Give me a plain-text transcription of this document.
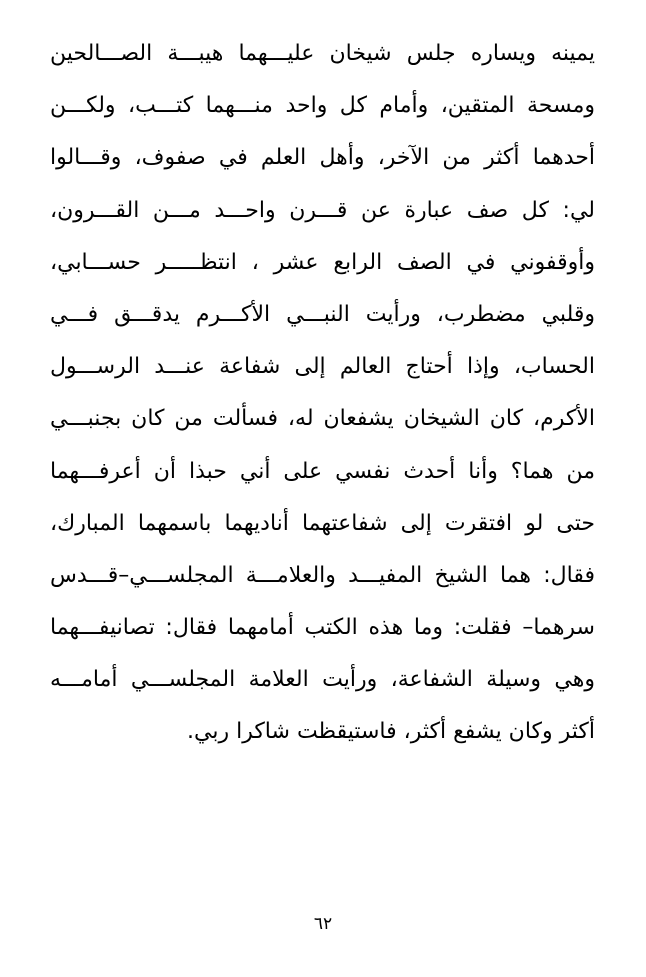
يمينه ويساره جلس شيخان عليـــهما هيبـــة الصـــالحين
ومسحة المتقين، وأمام كل واحد منـــهما كتـــب، ولكـــن
أحدهما أكثر من الآخر، وأهل العلم في صفوف، وقـــالوا
لي: كل صف عبارة عن قـــرن واحـــد مـــن القـــرون،
وأوقفوني في الصف الرابع عشر ، انتظـــــر حســـابي،
وقلبي مضطرب، ورأيت النبـــي الأكـــرم يدقـــق فـــي
الحساب، وإذا أحتاج العالم إلى شفاعة عنـــد الرســـول
الأكرم، كان الشيخان يشفعان له، فسألت من كان بجنبـــي
من هما؟ وأنا أحدث نفسي على أني حبذا أن أعرفـــهما
حتى لو افتقرت إلى شفاعتهما أناديهما باسمهما المبارك،
فقال: هما الشيخ المفيـــد والعلامـــة المجلســـي–قـــدس
سرهما– فقلت: وما هذه الكتب أمامهما فقال: تصانيفـــهما
وهي وسيلة الشفاعة، ورأيت العلامة المجلســـي أمامـــه
أكثر وكان يشفع أكثر، فاستيقظت شاكرا ربي.
٦٢
